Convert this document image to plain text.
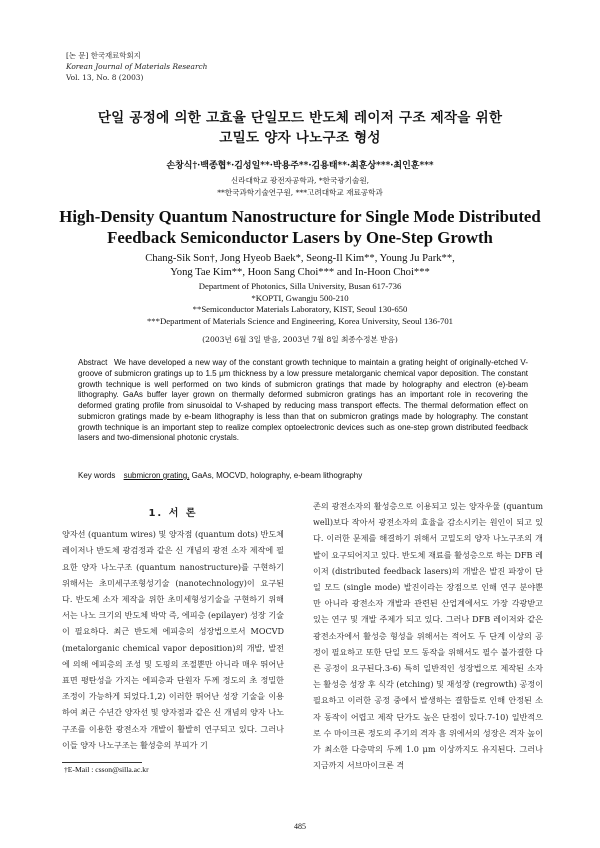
[논 문] 한국재료학회지
Korean Journal of Materials Research
Vol. 13, No. 8 (2003)
단일 공정에 의한 고효율 단일모드 반도체 레이저 구조 제작을 위한
고밀도 양자 나노구조 형성
손창식†·백종협*·김성일**·박용주**·김용태**·최훈상***·최인훈***
신라대학교 광전자공학과, *한국광기술원,
**한국과학기술연구원, ***고려대학교 재료공학과
High-Density Quantum Nanostructure for Single Mode Distributed
Feedback Semiconductor Lasers by One-Step Growth
Chang-Sik Son†, Jong Hyeob Baek*, Seong-Il Kim**, Young Ju Park**,
Yong Tae Kim**, Hoon Sang Choi*** and In-Hoon Choi***
Department of Photonics, Silla University, Busan 617-736
*KOPTI, Gwangju 500-210
**Semiconductor Materials Laboratory, KIST, Seoul 130-650
***Department of Materials Science and Engineering, Korea University, Seoul 136-701
(2003년 6월 3일 받음, 2003년 7월 8일 최종수정본 받음)
Abstract We have developed a new way of the constant growth technique to maintain a grating height of originally-etched V-groove of submicron gratings up to 1.5 μm thickness by a low pressure metalorganic chemical vapor deposition. The constant growth technique is well performed on two kinds of submicron gratings that made by holography and electron (e)-beam lithography. GaAs buffer layer grown on thermally deformed submicron gratings has an important role in recovering the deformed grating profile from sinusoidal to V-shaped by reducing mass transport effects. The thermal deformation effect on submicron gratings made by e-beam lithography is less than that on submicron gratings made by holography. The constant growth technique is an important step to realize complex optoelectronic devices such as one-step grown distributed feedback lasers and two-dimensional photonic crystals.
Key words submicron grating, GaAs, MOCVD, holography, e-beam lithography
1. 서 론
양자선 (quantum wires) 및 양자점 (quantum dots) 반도체 레이저나 반도체 광검정과 같은 신 개념의 광전 소자 제작에 필요한 양자 나노구조 (quantum nanostructure)를 구현하기 위해서는 초미세구조형성기술 (nanotechnology)이 요구된다. 반도체 소자 제작을 위한 초미세형성기술을 구현하기 위해서는 나노 크기의 반도체 박막 즉, 에피층 (epilayer) 성장 기술이 필요하다. 최근 반도체 에피층의 성장법으로서 MOCVD (metalorganic chemical vapor deposition)의 개발, 발전에 의해 에피층의 조성 및 도핑의 조절뿐만 아니라 매우 뛰어난 표면 평탄성을 가지는 에피층과 단원자 두께 정도의 초 정밀한 조정이 가능하게 되었다.1,2) 이러한 뛰어난 성장 기술을 이용하여 최근 수년간 양자선 및 양자점과 같은 신 개념의 양자 나노구조를 이용한 광전소자 개발이 활발히 연구되고 있다. 그러나 이들 양자 나노구조는 활성층의 부피가 기
존의 광전소자의 활성층으로 이용되고 있는 양자우물 (quantum well)보다 작아서 광전소자의 효율을 감소시키는 원인이 되고 있다. 이러한 문제를 해결하기 위해서 고밀도의 양자 나노구조의 개발이 요구되어지고 있다. 반도체 재료를 활성층으로 하는 DFB 레이저 (distributed feedback lasers)의 개발은 발진 파장이 단일 모드 (single mode) 발진이라는 장점으로 인해 연구 분야뿐만 아니라 광전소자 개발과 관련된 산업계에서도 가장 각광받고 있는 연구 및 개발 주제가 되고 있다. 그러나 DFB 레이저와 같은 광전소자에서 활성층 형성을 위해서는 적어도 두 단계 이상의 공정이 필요하고 또한 단일 모드 동작을 위해서도 필수 불가결한 다른 공정이 요구된다.3-6) 특히 일반적인 성장법으로 제작된 소자는 활성층 성장 후 식각 (etching) 및 재성장 (regrowth) 공정이 필요하고 이러한 공정 중에서 발생하는 결함들로 인해 안정된 소자 동작이 어렵고 제작 단가도 높은 단점이 있다.7-10) 일반적으로 수 마이크론 정도의 주기의 격자 흠 위에서의 성장은 격자 높이가 최소한 다층막의 두께 1.0 μm 이상까지도 유지된다. 그러나 지금까지 서브마이크론 격
†E-Mail : csson@silla.ac.kr
485
